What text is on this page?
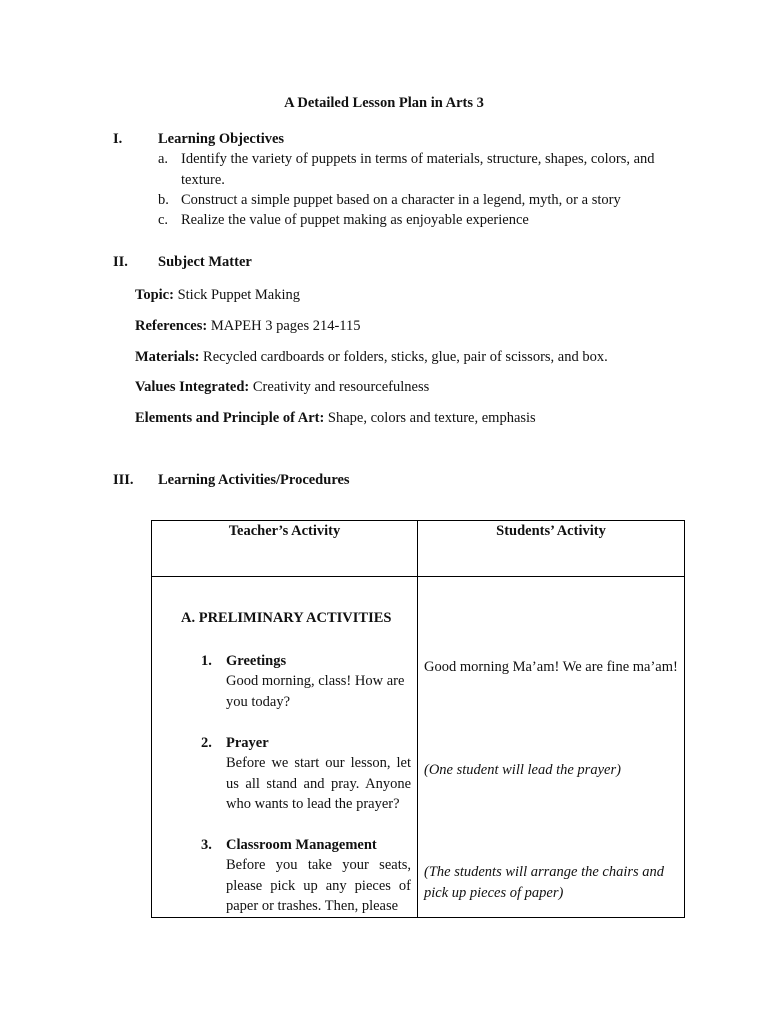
A Detailed Lesson Plan in Arts 3
I. Learning Objectives
a. Identify the variety of puppets in terms of materials, structure, shapes, colors, and texture.
b. Construct a simple puppet based on a character in a legend, myth, or a story
c. Realize the value of puppet making as enjoyable experience
II. Subject Matter
Topic: Stick Puppet Making
References: MAPEH 3 pages 214-115
Materials: Recycled cardboards or folders, sticks, glue, pair of scissors, and box.
Values Integrated: Creativity and resourcefulness
Elements and Principle of Art: Shape, colors and texture, emphasis
III. Learning Activities/Procedures
Teacher’s Activity	Students’ Activity
A. PRELIMINARY ACTIVITIES
1. Greetings
Good morning, class! How are you today?
Good morning Ma’am! We are fine ma’am!
2. Prayer
Before we start our lesson, let us all stand and pray. Anyone who wants to lead the prayer?
(One student will lead the prayer)
3. Classroom Management
Before you take your seats, please pick up any pieces of paper or trashes. Then, please
(The students will arrange the chairs and pick up pieces of paper)
